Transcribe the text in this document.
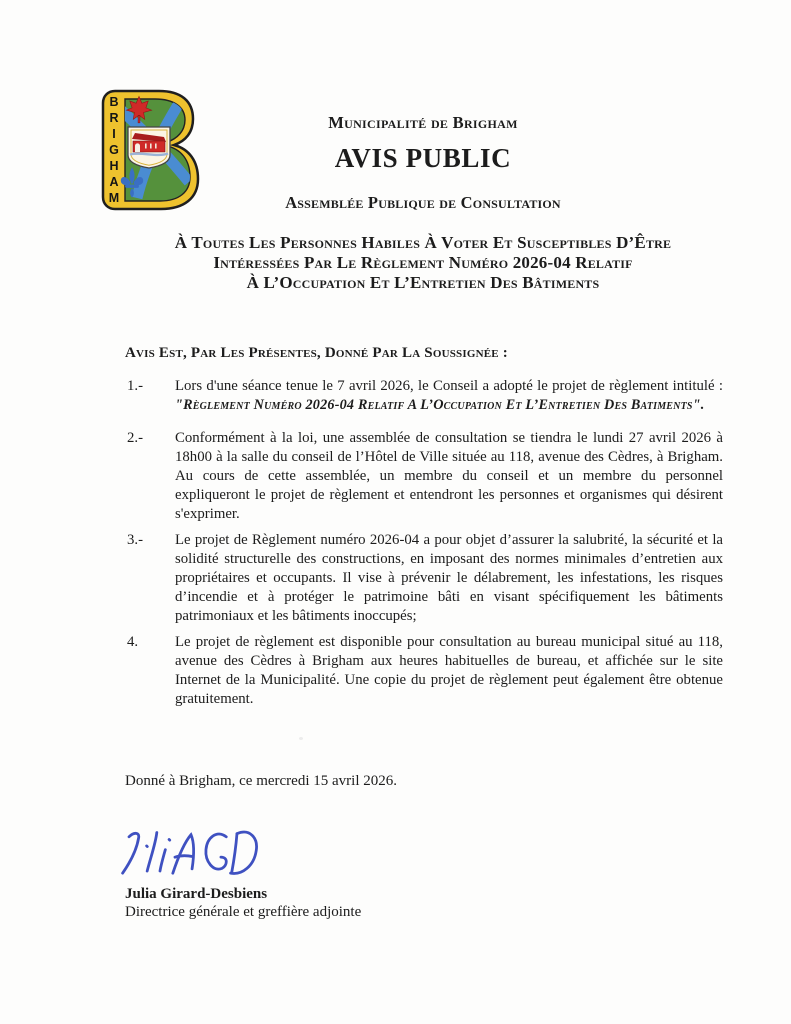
B
R
I
G
H
A
M
Municipalité de Brigham
AVIS PUBLIC
Assemblée Publique de Consultation
À Toutes Les Personnes Habiles À Voter Et Susceptibles D’Être
Intéressées Par Le Règlement Numéro 2026-04 Relatif
À L’Occupation Et L’Entretien Des Bâtiments
Avis Est, Par Les Présentes, Donné Par La Soussignée :
1.-	Lors d'une séance tenue le 7 avril 2026, le Conseil a adopté le projet de règlement intitulé :
"Règlement Numéro 2026-04 Relatif A L’Occupation Et L’Entretien Des Batiments".
2.-	Conformément à la loi, une assemblée de consultation se tiendra le lundi 27 avril 2026 à 18h00 à la salle du conseil de l’Hôtel de Ville située au 118, avenue des Cèdres, à Brigham. Au cours de cette assemblée, un membre du conseil et un membre du personnel expliqueront le projet de règlement et entendront les personnes et organismes qui désirent s'exprimer.
3.-	Le projet de Règlement numéro 2026-04 a pour objet d’assurer la salubrité, la sécurité et la solidité structurelle des constructions, en imposant des normes minimales d’entretien aux propriétaires et occupants. Il vise à prévenir le délabrement, les infestations, les risques d’incendie et à protéger le patrimoine bâti en visant spécifiquement les bâtiments patrimoniaux et les bâtiments inoccupés;
4.	Le projet de règlement est disponible pour consultation au bureau municipal situé au 118, avenue des Cèdres à Brigham aux heures habituelles de bureau, et affichée sur le site Internet de la Municipalité. Une copie du projet de règlement peut également être obtenue gratuitement.
Donné à Brigham, ce mercredi 15 avril 2026.
Julia Girard-Desbiens
Directrice générale et greffière adjointe
